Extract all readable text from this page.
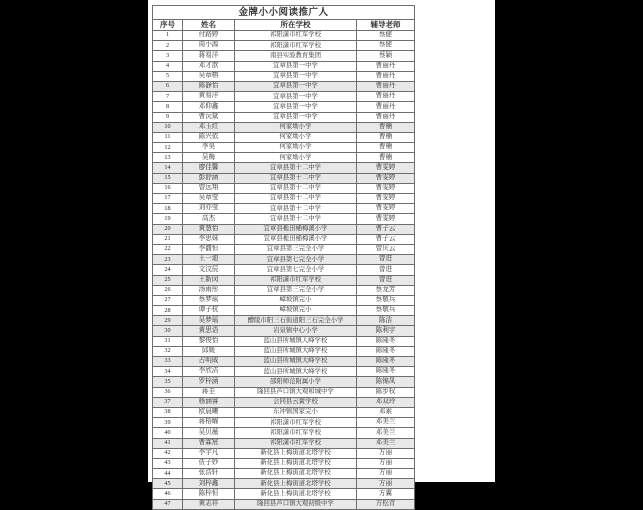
金牌小小阅读推广人			
序号	姓名	所在学校	辅导老师
1	付路婷	祁阳潇市红军学校	蔡健
2	周小源	祁阳潇市红军学校	蔡健
3	蒋易洋	南县实验教育集团	蔡颖
4	邓才歆	宜章县第一中学	曹丽丹
5	吴章榕	宜章县第一中学	曹丽丹
6	陈静怡	宜章县第一中学	曹丽丹
7	黄易洋	宜章县第一中学	曹丽丹
8	邓仰鑫	宜章县第一中学	曹丽丹
9	曹沅斌	宜章县第一中学	曹丽丹
10	邓玉红	何家坳小学	曹楠
11	陈兴依	何家坳小学	曹楠
12	李昊	何家坳小学	曹楠
13	吴梅	何家坳小学	曹楠
14	廖佳馨	宜章县第十二中学	曹雯婷
15	彭舒涵	宜章县第十二中学	曹雯婷
16	曾远翔	宜章县第十二中学	曹雯婷
17	吴章莹	宜章县第十二中学	曹雯婷
18	刘亦莹	宜章县第十二中学	曹雯婷
19	高杰	宜章县第十二中学	曹雯婷
20	黄慧怡	宜章县栀田桶梅溪小学	曹子云
21	李思妹	宜章县栀田桶梅溪小学	曹子云
22	李馥恒	宜章县第三完全小学	曾庆云
23	王一迪	宜章县第七完全小学	曾进
24	文汶辰	宜章县第七完全小学	曾进
25	王新闵	祁阳潇市红军学校	曾进
26	汤雨彤	宜章县第三完全小学	蔡龙芳
27	蔡梦瑶	嶂坡镇完小	蔡敬兵
28	谭子杭	嶂坡镇完小	蔡敬兵
29	吴梦瑶	醴陵市阳三石街道阳三石完全小学	陈洁
30	黄思语	岩泉镇中心小学	陈利宇
31	黎俊怡	蓝山县所城镇人峰学校	陈隆冬
32	邱媛	蓝山县所城镇大峰学校	陈隆冬
33	占明威	蓝山县所城镇大峰学校	陈隆冬
34	李欣洁	蓝山县所城镇大峰学校	陈隆冬
35	罗梓涵	邵阳师范附属小学	陈锦凤
36	蒋圭	隆回县芦口镇大观和城中学	陈步权
37	杨涵睿	会同县云黉学校	邓双玲
38	欧晨曦	东冲镇国家完小	邓素
39	蒋梧曜	祁阳潇市红军学校	邓美兰
40	吴贝薇	祁阳潇市红军学校	邓美兰
41	曹霖宸	祁阳潇市红军学校	邓美兰
42	李宇凡	新化县上梅街道北塔学校	方丽
43	伍子妙	新化县上梅街道北塔学校	方丽
44	张浩轩	新化县上梅街道北塔学校	方丽
45	刘梓鑫	新化县上梅街道北塔学校	方丽
46	陈梓恒	新化县上梅街道北塔学校	方翼
47	黄志祥	隆回县芦口镇大观初级中学	方松青
